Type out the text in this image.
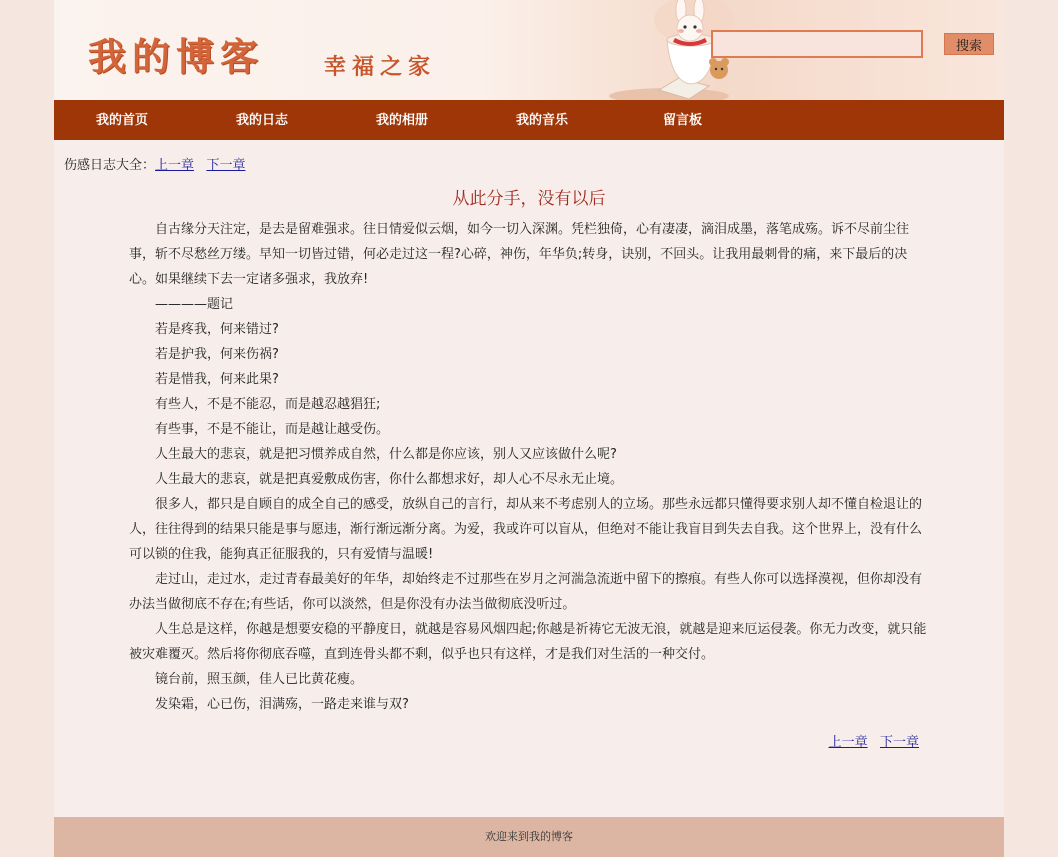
我的博客	幸福之家
搜索
我的首页	我的日志	我的相册	我的音乐	留言板
伤感日志大全：上一章 下一章
从此分手，没有以后

自古缘分天注定，是去是留难强求。往日情爱似云烟，如今一切入深渊。凭栏独倚，心有凄凄，滴泪成墨，落笔成殇。诉不尽前尘往事，斩不尽愁丝万缕。早知一切皆过错，何必走过这一程?心碎，神伤，年华负;转身，诀别，不回头。让我用最刺骨的痛，来下最后的决心。如果继续下去一定诸多强求，我放弃!

————题记

若是疼我，何来错过?

若是护我，何来伤祸?

若是惜我，何来此果?

有些人，不是不能忍，而是越忍越猖狂;

有些事，不是不能让，而是越让越受伤。

人生最大的悲哀，就是把习惯养成自然，什么都是你应该，别人又应该做什么呢?

人生最大的悲哀，就是把真爱敷成伤害，你什么都想求好，却人心不尽永无止境。

很多人，都只是自顾自的成全自己的感受，放纵自己的言行，却从来不考虑别人的立场。那些永远都只懂得要求别人却不懂自检退让的人，往往得到的结果只能是事与愿违，渐行渐远渐分离。为爱，我或许可以盲从，但绝对不能让我盲目到失去自我。这个世界上，没有什么可以锁的住我，能狗真正征服我的，只有爱情与温暖!

走过山，走过水，走过青春最美好的年华，却始终走不过那些在岁月之河湍急流逝中留下的擦痕。有些人你可以选择漠视，但你却没有办法当做彻底不存在;有些话，你可以淡然，但是你没有办法当做彻底没听过。

人生总是这样，你越是想要安稳的平静度日，就越是容易风烟四起;你越是祈祷它无波无浪，就越是迎来厄运侵袭。你无力改变，就只能被灾难覆灭。然后将你彻底吞噬，直到连骨头都不剩，似乎也只有这样，才是我们对生活的一种交付。

镜台前，照玉颜，佳人已比黄花瘦。

发染霜，心已伤，泪满殇，一路走来谁与双?

上一章 下一章
欢迎来到我的博客
